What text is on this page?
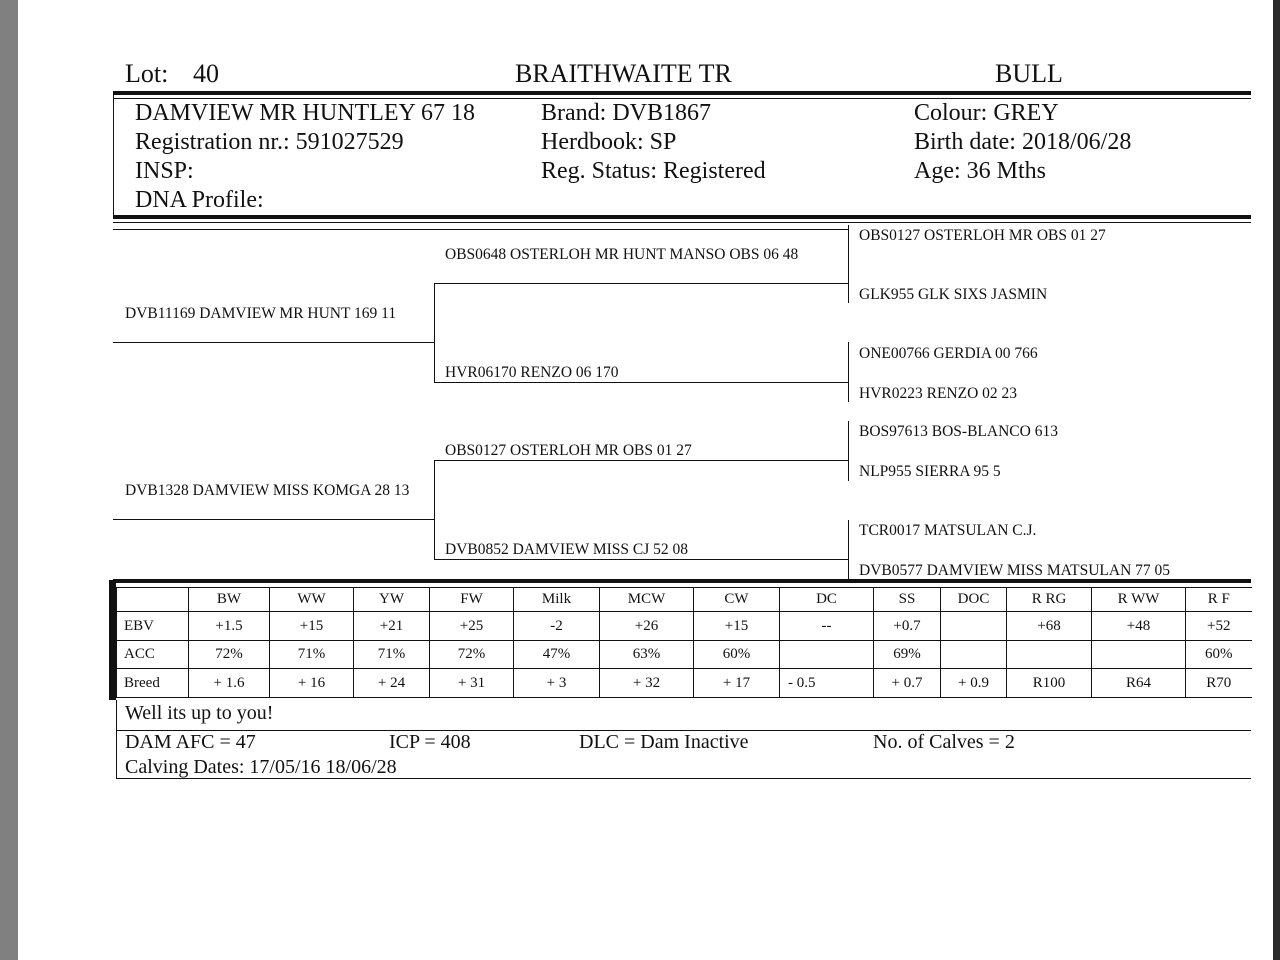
Lot: 40	BRAITHWAITE TR	BULL
DAMVIEW MR HUNTLEY 67 18
Registration nr.: 591027529
INSP:
DNA Profile:
Brand: DVB1867
Herdbook: SP
Reg. Status: Registered
Colour: GREY
Birth date: 2018/06/28
Age: 36 Mths
DVB11169 DAMVIEW MR HUNT 169 11
DVB1328 DAMVIEW MISS KOMGA 28 13
OBS0648 OSTERLOH MR HUNT MANSO OBS 06 48
HVR06170 RENZO 06 170
OBS0127 OSTERLOH MR OBS 01 27
DVB0852 DAMVIEW MISS CJ 52 08
OBS0127 OSTERLOH MR OBS 01 27
GLK955 GLK SIXS JASMIN
ONE00766 GERDIA 00 766
HVR0223 RENZO 02 23
BOS97613 BOS-BLANCO 613
NLP955 SIERRA 95 5
TCR0017 MATSULAN C.J.
DVB0577 DAMVIEW MISS MATSULAN 77 05
	BW	WW	YW	FW	Milk	MCW	CW	DC	SS	DOC	R RG	R WW	R F
EBV	+1.5	+15	+21	+25	-2	+26	+15	--	+0.7		+68	+48	+52
ACC	72%	71%	71%	72%	47%	63%	60%		69%				60%
Breed	+ 1.6	+ 16	+ 24	+ 31	+ 3	+ 32	+ 17	- 0.5	+ 0.7	+ 0.9	R100	R64	R70
Well its up to you!
DAM AFC = 47	ICP = 408	DLC = Dam Inactive	No. of Calves = 2
Calving Dates: 17/05/16 18/06/28
